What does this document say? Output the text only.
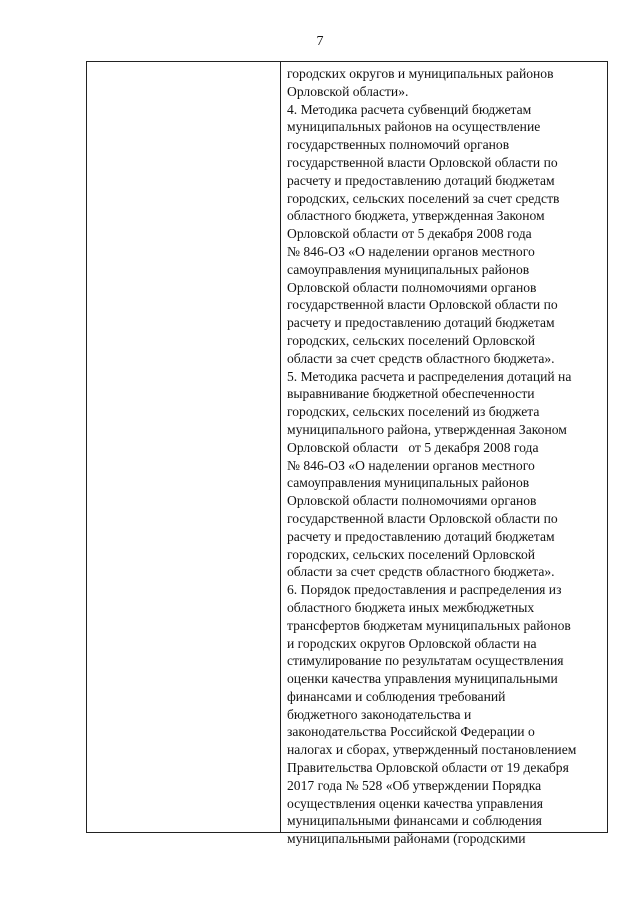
7
городских округов и муниципальных районов
Орловской области».
4. Методика расчета субвенций бюджетам
муниципальных районов на осуществление
государственных полномочий органов
государственной власти Орловской области по
расчету и предоставлению дотаций бюджетам
городских, сельских поселений за счет средств
областного бюджета, утвержденная Законом
Орловской области от 5 декабря 2008 года
№ 846-ОЗ «О наделении органов местного
самоуправления муниципальных районов
Орловской области полномочиями органов
государственной власти Орловской области по
расчету и предоставлению дотаций бюджетам
городских, сельских поселений Орловской
области за счет средств областного бюджета».
5. Методика расчета и распределения дотаций на
выравнивание бюджетной обеспеченности
городских, сельских поселений из бюджета
муниципального района, утвержденная Законом
Орловской области   от 5 декабря 2008 года
№ 846-ОЗ «О наделении органов местного
самоуправления муниципальных районов
Орловской области полномочиями органов
государственной власти Орловской области по
расчету и предоставлению дотаций бюджетам
городских, сельских поселений Орловской
области за счет средств областного бюджета».
6. Порядок предоставления и распределения из
областного бюджета иных межбюджетных
трансфертов бюджетам муниципальных районов
и городских округов Орловской области на
стимулирование по результатам осуществления
оценки качества управления муниципальными
финансами и соблюдения требований
бюджетного законодательства и
законодательства Российской Федерации о
налогах и сборах, утвержденный постановлением
Правительства Орловской области от 19 декабря
2017 года № 528 «Об утверждении Порядка
осуществления оценки качества управления
муниципальными финансами и соблюдения
муниципальными районами (городскими
